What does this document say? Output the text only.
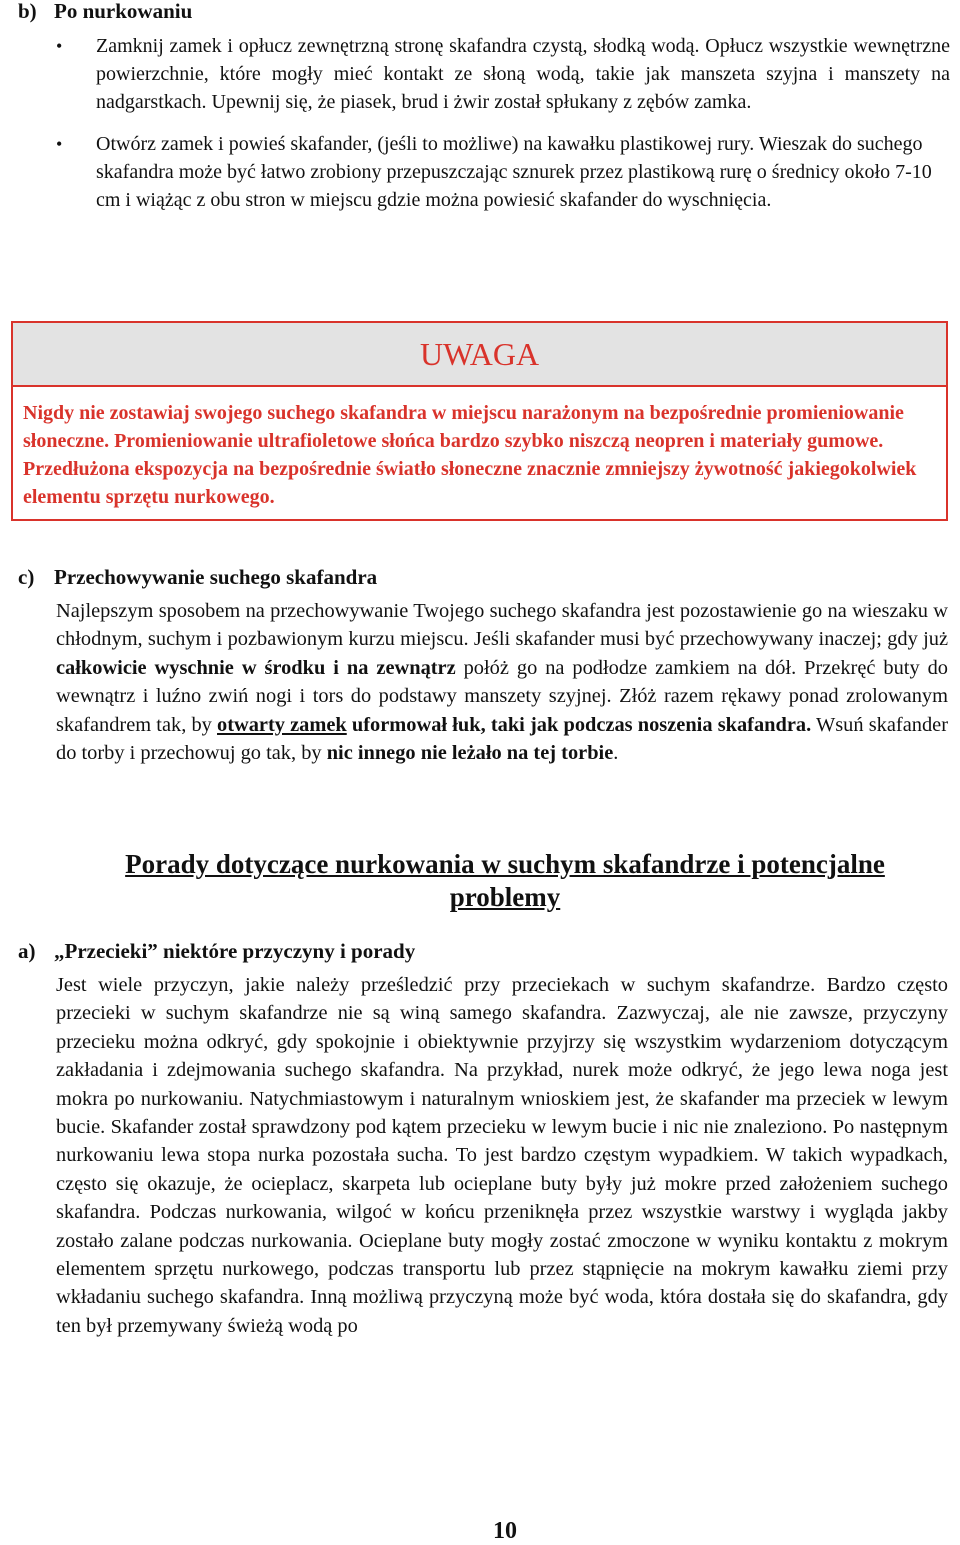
b) Po nurkowaniu

• Zamknij zamek i opłucz zewnętrzną stronę skafandra czystą, słodką wodą. Opłucz wszystkie wewnętrzne powierzchnie, które mogły mieć kontakt ze słoną wodą, takie jak manszeta szyjna i manszety na nadgarstkach. Upewnij się, że piasek, brud i żwir został spłukany z zębów zamka.

• Otwórz zamek i powieś skafander, (jeśli to możliwe) na kawałku plastikowej rury. Wieszak do suchego skafandra może być łatwo zrobiony przepuszczając sznurek przez plastikową rurę o średnicy około 7-10 cm i wiążąc z obu stron w miejscu gdzie można powiesić skafander do wyschnięcia.

UWAGA
Nigdy nie zostawiaj swojego suchego skafandra w miejscu narażonym na bezpośrednie promieniowanie słoneczne. Promieniowanie ultrafioletowe słońca bardzo szybko niszczą neopren i materiały gumowe. Przedłużona ekspozycja na bezpośrednie światło słoneczne znacznie zmniejszy żywotność jakiegokolwiek elementu sprzętu nurkowego.
c) Przechowywanie suchego skafandra
Najlepszym sposobem na przechowywanie Twojego suchego skafandra jest pozostawienie go na wieszaku w chłodnym, suchym i pozbawionym kurzu miejscu. Jeśli skafander musi być przechowywany inaczej; gdy już całkowicie wyschnie w środku i na zewnątrz połóż go na podłodze zamkiem na dół. Przekręć buty do wewnątrz i luźno zwiń nogi i tors do podstawy manszety szyjnej. Złóż razem rękawy ponad zrolowanym skafandrem tak, by otwarty zamek uformował łuk, taki jak podczas noszenia skafandra. Wsuń skafander do torby i przechowuj go tak, by nic innego nie leżało na tej torbie.
Porady dotyczące nurkowania w suchym skafandrze i potencjalne problemy
a) „Przecieki” niektóre przyczyny i porady
Jest wiele przyczyn, jakie należy prześledzić przy przeciekach w suchym skafandrze. Bardzo często przecieki w suchym skafandrze nie są winą samego skafandra. Zazwyczaj, ale nie zawsze, przyczyny przecieku można odkryć, gdy spokojnie i obiektywnie przyjrzy się wszystkim wydarzeniom dotyczącym zakładania i zdejmowania suchego skafandra. Na przykład, nurek może odkryć, że jego lewa noga jest mokra po nurkowaniu. Natychmiastowym i naturalnym wnioskiem jest, że skafander ma przeciek w lewym bucie. Skafander został sprawdzony pod kątem przecieku w lewym bucie i nic nie znaleziono. Po następnym nurkowaniu lewa stopa nurka pozostała sucha. To jest bardzo częstym wypadkiem. W takich wypadkach, często się okazuje, że ocieplacz, skarpeta lub ocieplane buty były już mokre przed założeniem suchego skafandra. Podczas nurkowania, wilgoć w końcu przeniknęła przez wszystkie warstwy i wygląda jakby zostało zalane podczas nurkowania. Ocieplane buty mogły zostać zmoczone w wyniku kontaktu z mokrym elementem sprzętu nurkowego, podczas transportu lub przez stąpnięcie na mokrym kawałku ziemi przy wkładaniu suchego skafandra. Inną możliwą przyczyną może być woda, która dostała się do skafandra, gdy ten był przemywany świeżą wodą po
10
